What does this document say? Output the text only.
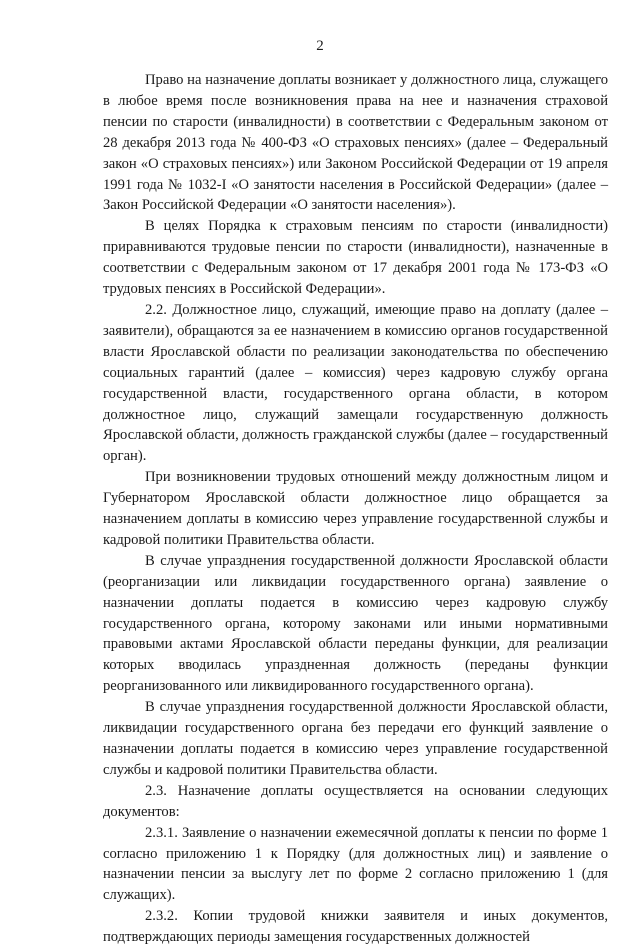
2

Право на назначение доплаты возникает у должностного лица, служащего в любое время после возникновения права на нее и назначения страховой пенсии по старости (инвалидности) в соответствии с Федеральным законом от 28 декабря 2013 года № 400-ФЗ «О страховых пенсиях» (далее – Федеральный закон «О страховых пенсиях») или Законом Российской Федерации от 19 апреля 1991 года № 1032-I «О занятости населения в Российской Федерации» (далее – Закон Российской Федерации «О занятости населения»).

В целях Порядка к страховым пенсиям по старости (инвалидности) приравниваются трудовые пенсии по старости (инвалидности), назначенные в соответствии с Федеральным законом от 17 декабря 2001 года № 173-ФЗ «О трудовых пенсиях в Российской Федерации».

2.2. Должностное лицо, служащий, имеющие право на доплату (далее – заявители), обращаются за ее назначением в комиссию органов государственной власти Ярославской области по реализации законодательства по обеспечению социальных гарантий (далее – комиссия) через кадровую службу органа государственной власти, государственного органа области, в котором должностное лицо, служащий замещали государственную должность Ярославской области, должность гражданской службы (далее – государственный орган).

При возникновении трудовых отношений между должностным лицом и Губернатором Ярославской области должностное лицо обращается за назначением доплаты в комиссию через управление государственной службы и кадровой политики Правительства области.

В случае упразднения государственной должности Ярославской области (реорганизации или ликвидации государственного органа) заявление о назначении доплаты подается в комиссию через кадровую службу государственного органа, которому законами или иными нормативными правовыми актами Ярославской области переданы функции, для реализации которых вводилась упраздненная должность (переданы функции реорганизованного или ликвидированного государственного органа).

В случае упразднения государственной должности Ярославской области, ликвидации государственного органа без передачи его функций заявление о назначении доплаты подается в комиссию через управление государственной службы и кадровой политики Правительства области.

2.3. Назначение доплаты осуществляется на основании следующих документов:

2.3.1. Заявление о назначении ежемесячной доплаты к пенсии по форме 1 согласно приложению 1 к Порядку (для должностных лиц) и заявление о назначении пенсии за выслугу лет по форме 2 согласно приложению 1 (для служащих).

2.3.2. Копии трудовой книжки заявителя и иных документов, подтверждающих периоды замещения государственных должностей
